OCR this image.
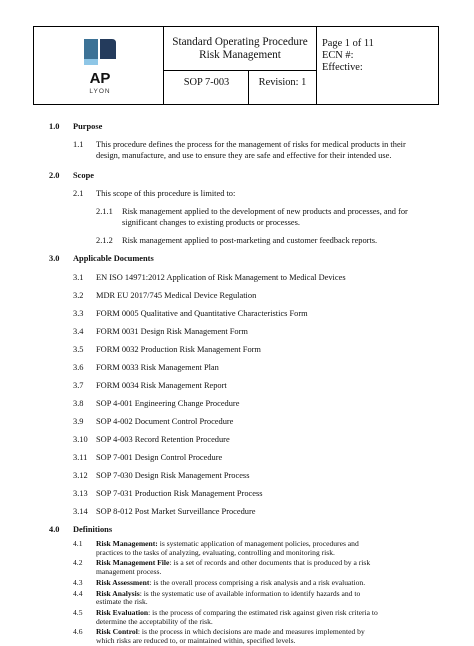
AP
LYON
Standard Operating Procedure
Risk Management
SOP 7-003	Revision: 1
Page 1 of 11
ECN #:
Effective:
1.0 Purpose
1.1 This procedure defines the process for the management of risks for medical products in their
design, manufacture, and use to ensure they are safe and effective for their intended use.
2.0 Scope
2.1 This scope of this procedure is limited to:
2.1.1 Risk management applied to the development of new products and processes, and for
significant changes to existing products or processes.
2.1.2 Risk management applied to post-marketing and customer feedback reports.
3.0 Applicable Documents
3.1 EN ISO 14971:2012 Application of Risk Management to Medical Devices
3.2 MDR EU 2017/745 Medical Device Regulation
3.3 FORM 0005 Qualitative and Quantitative Characteristics Form
3.4 FORM 0031 Design Risk Management Form
3.5 FORM 0032 Production Risk Management Form
3.6 FORM 0033 Risk Management Plan
3.7 FORM 0034 Risk Management Report
3.8 SOP 4-001 Engineering Change Procedure
3.9 SOP 4-002 Document Control Procedure
3.10 SOP 4-003 Record Retention Procedure
3.11 SOP 7-001 Design Control Procedure
3.12 SOP 7-030 Design Risk Management Process
3.13 SOP 7-031 Production Risk Management Process
3.14 SOP 8-012 Post Market Surveillance Procedure
4.0 Definitions
4.1 Risk Management: is systematic application of management policies, procedures and
practices to the tasks of analyzing, evaluating, controlling and monitoring risk.
4.2 Risk Management File: is a set of records and other documents that is produced by a risk
management process.
4.3 Risk Assessment: is the overall process comprising a risk analysis and a risk evaluation.
4.4 Risk Analysis: is the systematic use of available information to identify hazards and to
estimate the risk.
4.5 Risk Evaluation: is the process of comparing the estimated risk against given risk criteria to
determine the acceptability of the risk.
4.6 Risk Control: is the process in which decisions are made and measures implemented by
which risks are reduced to, or maintained within, specified levels.
